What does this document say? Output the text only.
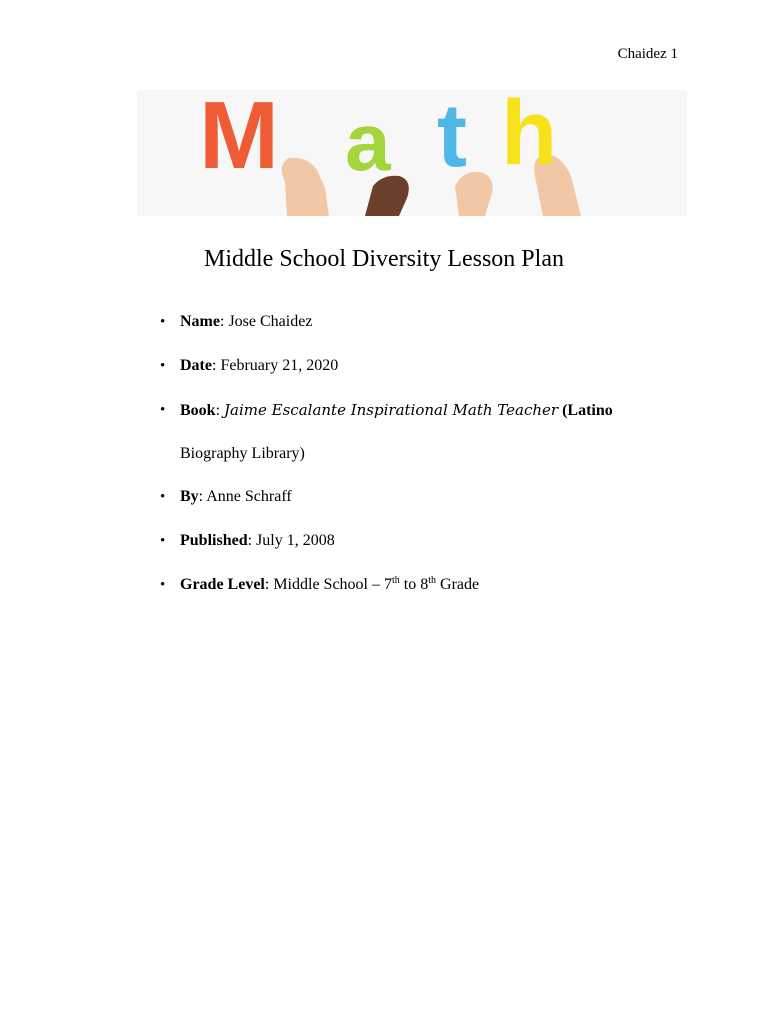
Chaidez 1
M a t h
Middle School Diversity Lesson Plan
• Name: Jose Chaidez
• Date: February 21, 2020
• Book: Jaime Escalante Inspirational Math Teacher (Latino
Biography Library)
• By: Anne Schraff
• Published: July 1, 2008
• Grade Level: Middle School – 7th to 8th Grade
